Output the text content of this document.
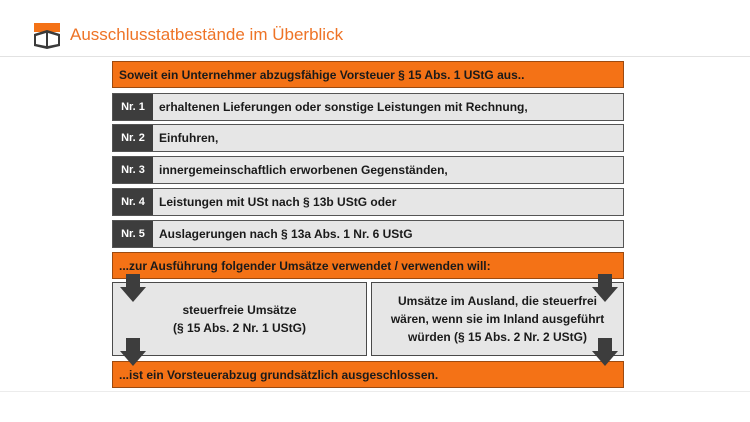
Ausschlusstatbestände im Überblick
Soweit ein Unternehmer abzugsfähige Vorsteuer § 15 Abs. 1 UStG aus..
Nr. 1	erhaltenen Lieferungen oder sonstige Leistungen mit Rechnung,
Nr. 2	Einfuhren,
Nr. 3	innergemeinschaftlich erworbenen Gegenständen,
Nr. 4	Leistungen mit USt nach § 13b UStG oder
Nr. 5	Auslagerungen nach § 13a Abs. 1 Nr. 6 UStG
...zur Ausführung folgender Umsätze verwendet / verwenden will:
steuerfreie Umsätze
(§ 15 Abs. 2 Nr. 1 UStG)
Umsätze im Ausland, die steuerfrei
wären, wenn sie im Inland ausgeführt
würden (§ 15 Abs. 2 Nr. 2 UStG)
...ist ein Vorsteuerabzug grundsätzlich ausgeschlossen.
